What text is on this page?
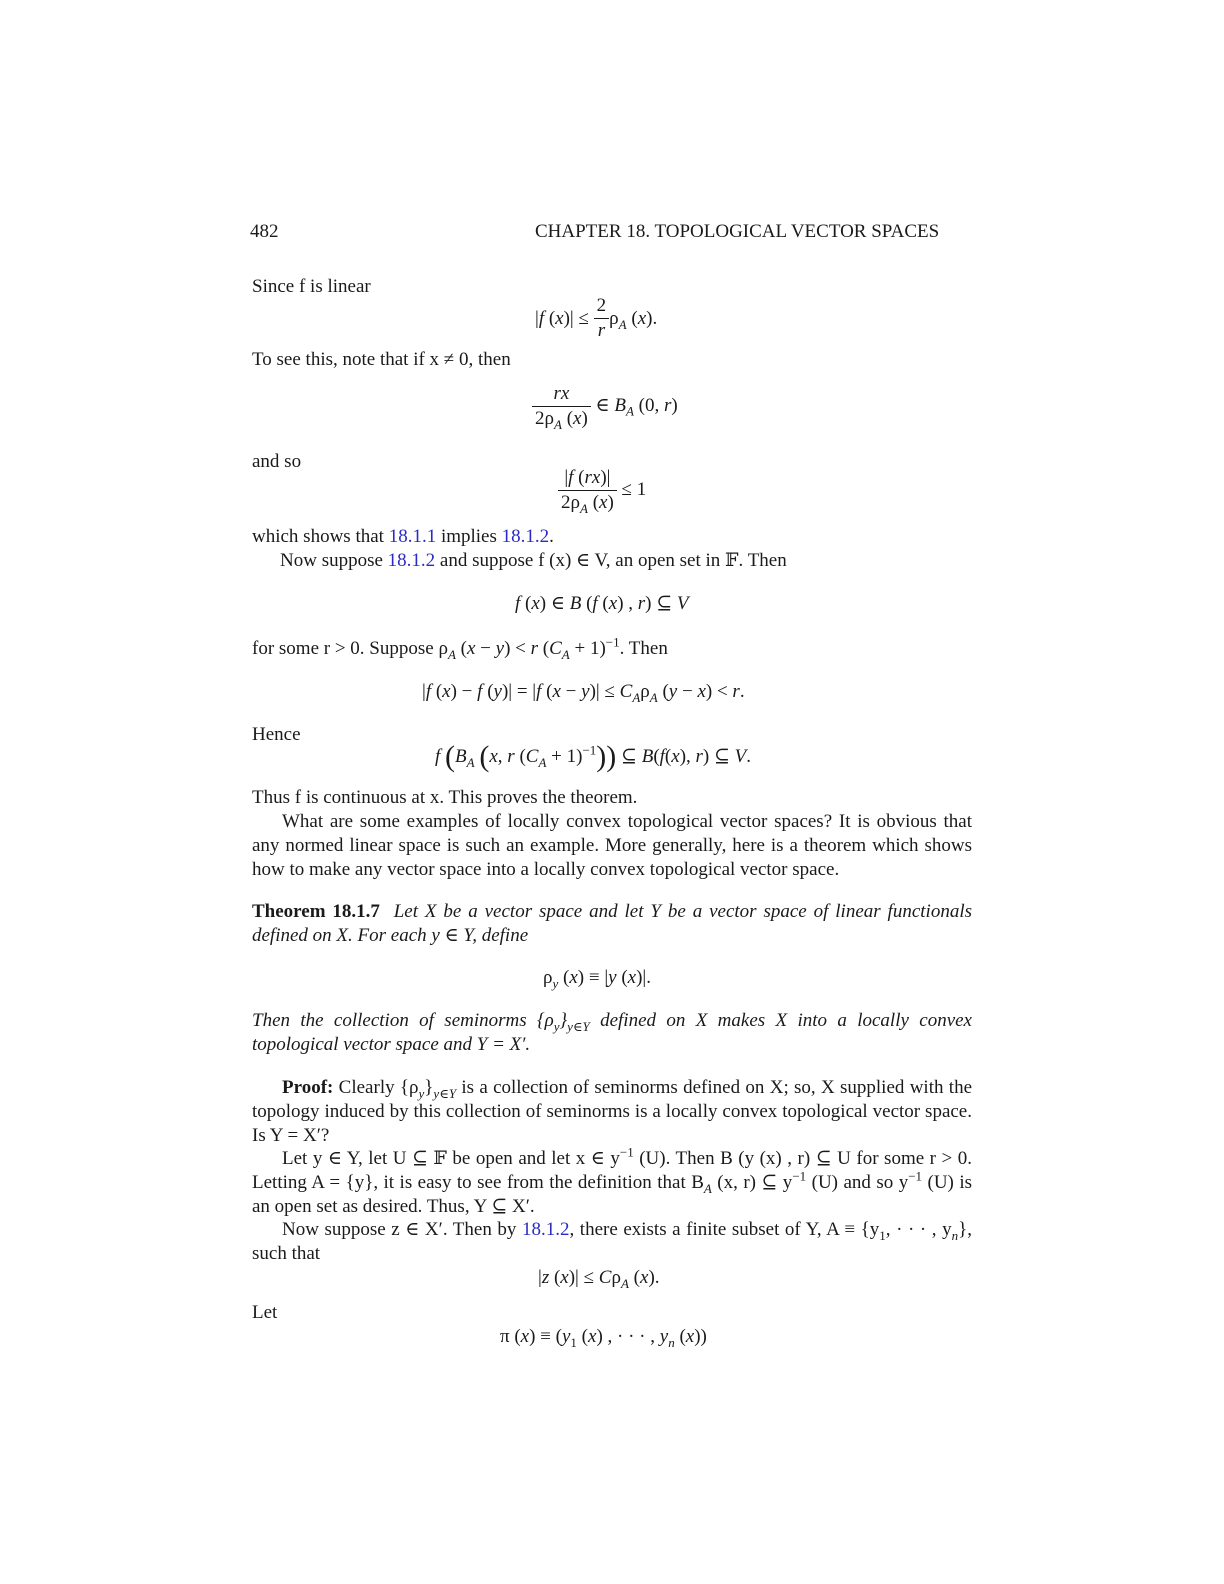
482	CHAPTER 18. TOPOLOGICAL VECTOR SPACES
Since f is linear
|f $(x)| \le \frac{2}{r} \rho_A$ (x).
To see this, note that if x ≠ 0, then
$\frac{rx}{2\rho_A (x)}$ ∈ $B_A$ (0, r)
and so
$\frac{|f (rx)|}{2\rho_A (x)} \le 1$
which shows that 18.1.1 implies 18.1.2.
Now suppose 18.1.2 and suppose f (x) ∈ V, an open set in 𝔽. Then
f (x) ∈ B (f (x) , r) ⊆ V
for some r > 0. Suppose $\rho_A$ (x − y) < r $(C_A + 1)^{-1}$. Then
|f (x) − f (y)| = |f $(x - y)| \le C_A\rho_A$ (y − x) < r.
Hence
f ($B_A$ (x, r $(C_A + 1)^{-1}$)) ⊆ B(f(x), r) ⊆ V.
Thus f is continuous at x. This proves the theorem.
What are some examples of locally convex topological vector spaces? It is obvious that any normed linear space is such an example. More generally, here is a theorem which shows how to make any vector space into a locally convex topological vector space.
Theorem 18.1.7 Let X be a vector space and let Y be a vector space of linear functionals defined on X. For each y ∈ Y, define
$\rho_y$ (x) ≡ |y (x)|.
Then the collection of seminorms $\{\rho_y\}_{y\in Y}$ defined on X makes X into a locally convex topological vector space and Y = X′.
Proof: Clearly $\{\rho_y\}_{y\in Y}$ is a collection of seminorms defined on X; so, X supplied with the topology induced by this collection of seminorms is a locally convex topological vector space. Is Y = X′?
Let y ∈ Y, let U ⊆ 𝔽 be open and let x ∈ $y^{-1}$ (U). Then B (y (x) , r) ⊆ U for some r > 0. Letting A = {y}, it is easy to see from the definition that $B_A$ (x, r) ⊆ $y^{-1}$ (U) and so $y^{-1}$ (U) is an open set as desired. Thus, Y ⊆ X′.
Now suppose z ∈ X′. Then by 18.1.2, there exists a finite subset of Y, $A \equiv \{y_1$, · · · , $y_n$}, such that
|z $(x)| \le C\rho_A$ (x).
Let
π $(x) \equiv (y_1$ (x) , · · · , $y_n$ (x))
